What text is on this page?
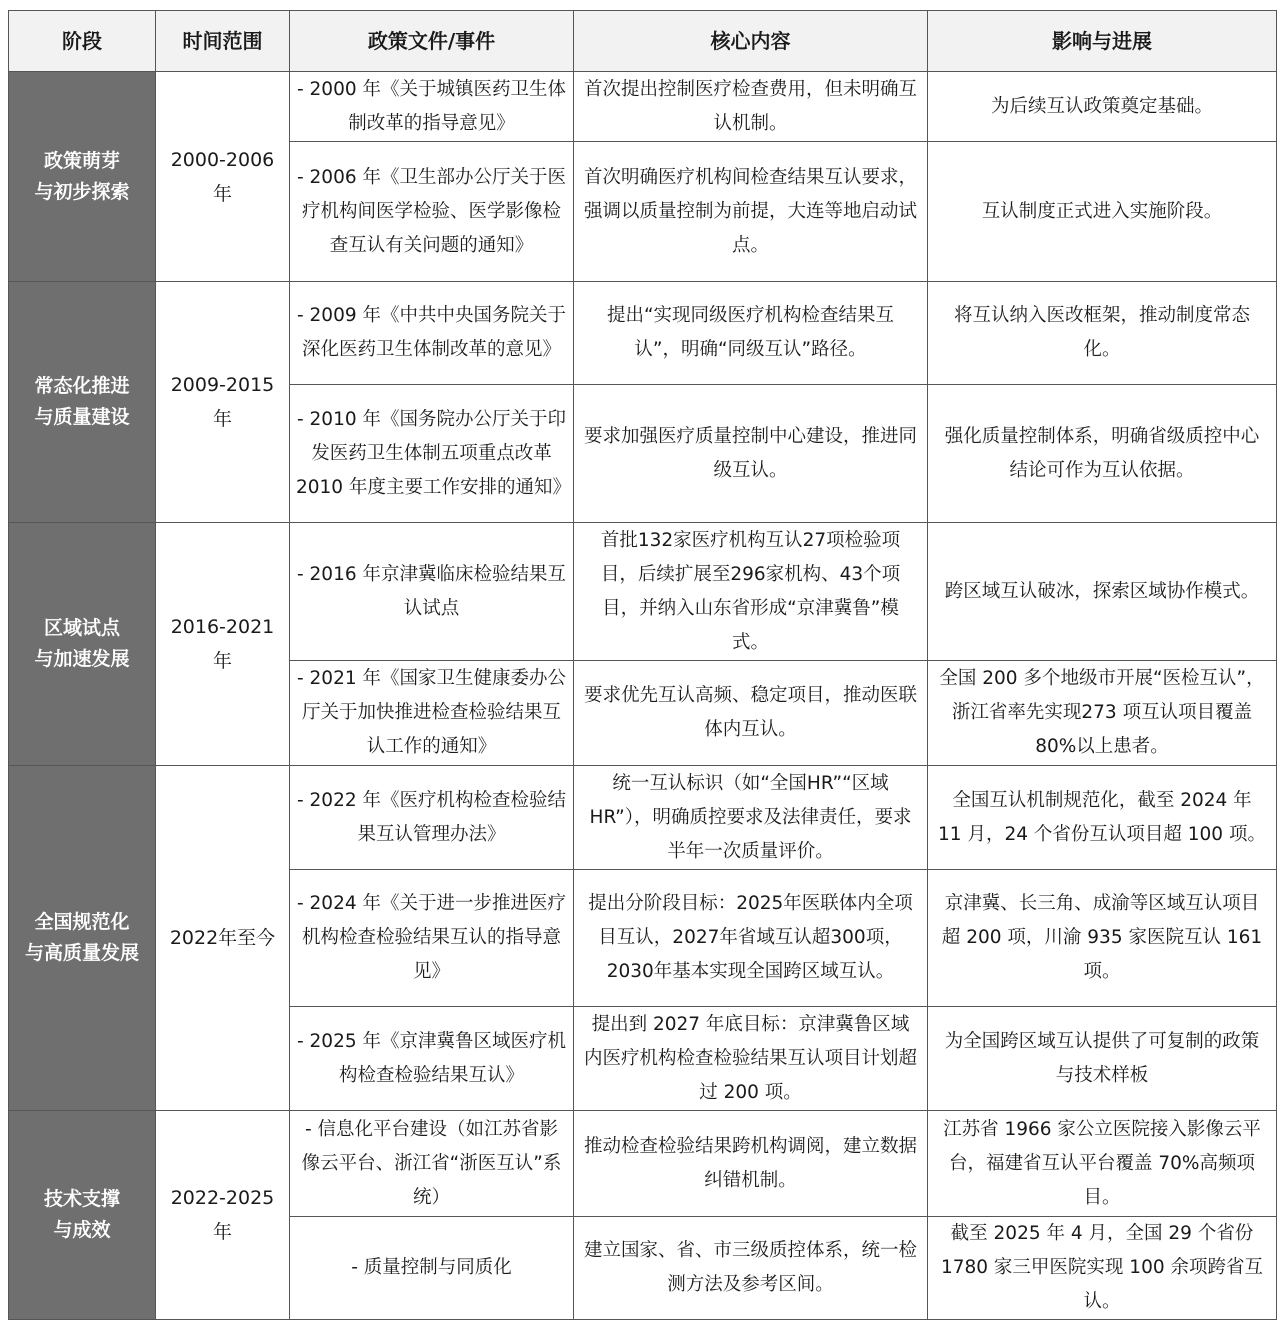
阶段	时间范围	政策文件/事件	核心内容	影响与进展

政策萌芽
与初步探索	2000-2006年	- 2000 年《关于城镇医药卫生体制改革的指导意见》	首次提出控制医疗检查费用，但未明确互认机制。	为后续互认政策奠定基础。
		- 2006 年《卫生部办公厅关于医疗机构间医学检验、医学影像检查互认有关问题的通知》	首次明确医疗机构间检查结果互认要求，强调以质量控制为前提，大连等地启动试点。	互认制度正式进入实施阶段。

常态化推进
与质量建设	2009-2015年	- 2009 年《中共中央国务院关于深化医药卫生体制改革的意见》	提出“实现同级医疗机构检查结果互认”，明确“同级互认”路径。	将互认纳入医改框架，推动制度常态化。
		- 2010 年《国务院办公厅关于印发医药卫生体制五项重点改革 2010 年度主要工作安排的通知》	要求加强医疗质量控制中心建设，推进同级互认。	强化质量控制体系，明确省级质控中心结论可作为互认依据。

区域试点
与加速发展	2016-2021年	- 2016 年京津冀临床检验结果互认试点	首批132家医疗机构互认27项检验项目，后续扩展至296家机构、43个项目，并纳入山东省形成“京津冀鲁”模式。	跨区域互认破冰，探索区域协作模式。
		- 2021 年《国家卫生健康委办公厅关于加快推进检查检验结果互认工作的通知》	要求优先互认高频、稳定项目，推动医联体内互认。	全国 200 多个地级市开展“医检互认”，浙江省率先实现273 项互认项目覆盖 80%以上患者。

全国规范化
与高质量发展	2022年至今	- 2022 年《医疗机构检查检验结果互认管理办法》	统一互认标识（如“全国HR”“区域HR”），明确质控要求及法律责任，要求半年一次质量评价。	全国互认机制规范化，截至 2024 年 11 月，24 个省份互认项目超 100 项。
		- 2024 年《关于进一步推进医疗机构检查检验结果互认的指导意见》	提出分阶段目标：2025年医联体内全项目互认，2027年省域互认超300项，2030年基本实现全国跨区域互认。	京津冀、长三角、成渝等区域互认项目超 200 项，川渝 935 家医院互认 161 项。
		- 2025 年《京津冀鲁区域医疗机构检查检验结果互认》	提出到 2027 年底目标：京津冀鲁区域内医疗机构检查检验结果互认项目计划超过 200 项。	为全国跨区域互认提供了可复制的政策与技术样板

技术支撑
与成效	2022-2025年	- 信息化平台建设（如江苏省影像云平台、浙江省“浙医互认”系统）	推动检查检验结果跨机构调阅，建立数据纠错机制。	江苏省 1966 家公立医院接入影像云平台，福建省互认平台覆盖 70%高频项目。
		- 质量控制与同质化	建立国家、省、市三级质控体系，统一检测方法及参考区间。	截至 2025 年 4 月，全国 29 个省份 1780 家三甲医院实现 100 余项跨省互认。
